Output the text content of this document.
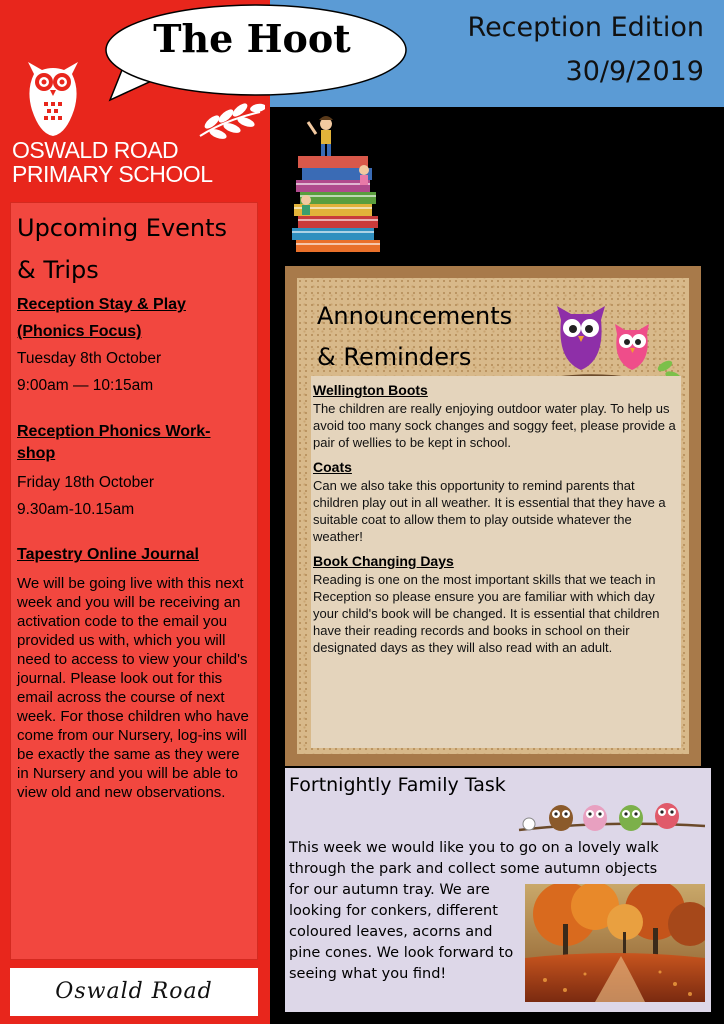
Reception Edition
30/9/2019
The Hoot
OSWALD ROAD
PRIMARY SCHOOL
Upcoming Events
& Trips
Reception Stay & Play
(Phonics Focus)
Tuesday 8th October
9:00am — 10:15am
Reception Phonics Work-
shop
Friday 18th October
9.30am-10.15am
Tapestry Online Journal
We will be going live with this next week and you will be receiving an activation code to the email you provided us with, which you will need to access to view your child's journal. Please look out for this email across the course of next week. For those children who have come from our Nursery, log-ins will be exactly the same as they were in Nursery and you will be able to view old and new observations.
Oswald Road
Announcements
& Reminders
Wellington Boots
The children are really enjoying outdoor water play. To help us avoid too many sock changes and soggy feet, please provide a pair of wellies to be kept in school.
Coats
Can we also take this opportunity to remind parents that children play out in all weather. It is essential that they have a suitable coat to allow them to play outside whatever the weather!
Book Changing Days
Reading is one on the most important skills that we teach in Reception so please ensure you are familiar with which day your child's book will be changed. It is essential that children have their reading records and books in school on their designated days as they will also read with an adult.
Fortnightly Family Task
This week we would like you to go on a lovely walk through the park and collect some autumn objects
for our autumn tray. We are looking for conkers, different coloured leaves, acorns and pine cones. We look forward to seeing what you find!
